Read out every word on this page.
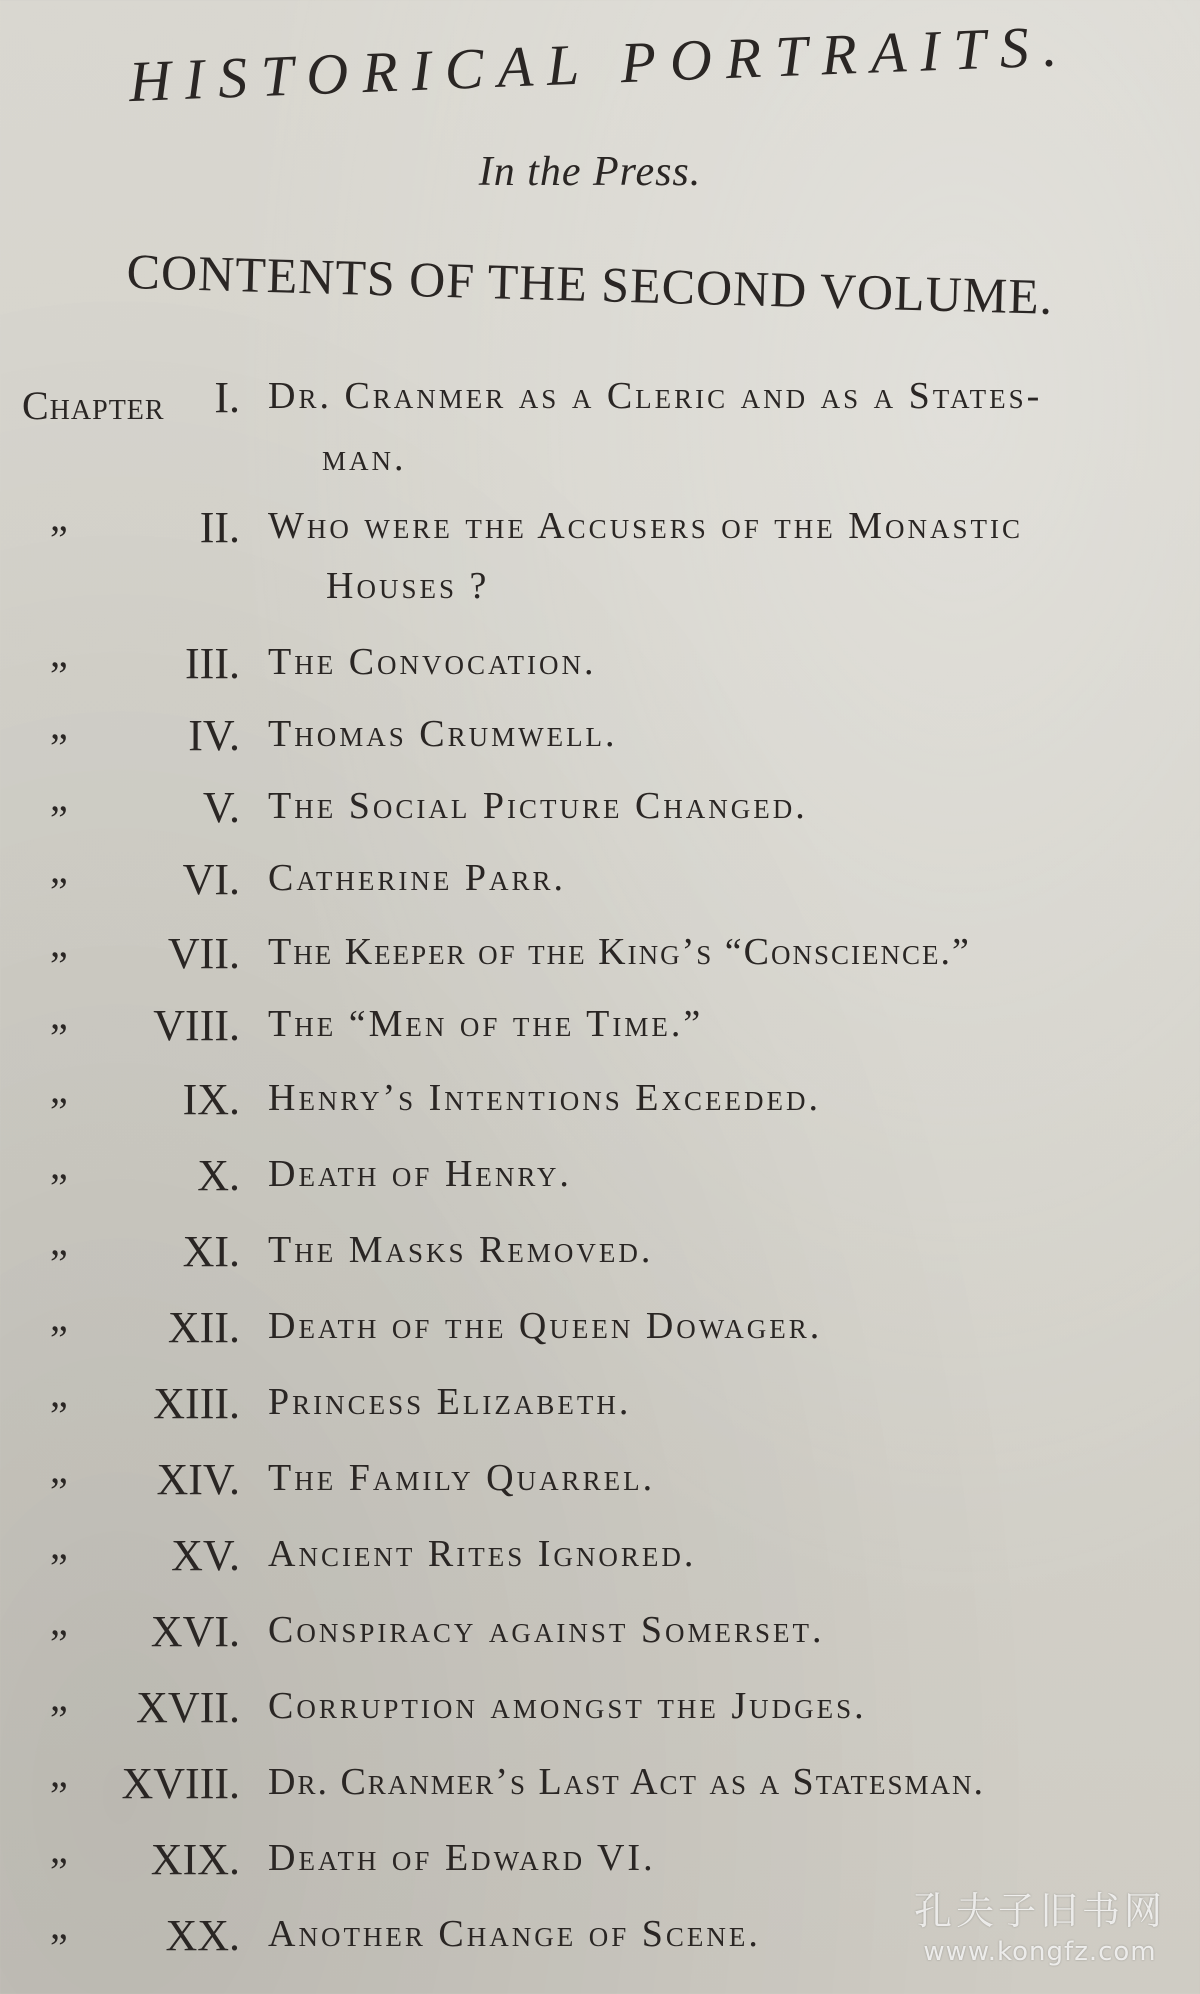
HISTORICAL PORTRAITS.
In the Press.
CONTENTS OF THE SECOND VOLUME.
Chapter I. Dr. Cranmer as a Cleric and as a States-
man.
”	II. Who were the Accusers of the Monastic
Houses ?
”	III. The Convocation.
”	IV. Thomas Crumwell.
”	V. The Social Picture Changed.
”	VI. Catherine Parr.
” VII. The Keeper of the King’s “Conscience.”
” VIII. The “Men of the Time.”
”	IX. Henry’s Intentions Exceeded.
”	X. Death of Henry.
”	XI. The Masks Removed.
” XII. Death of the Queen Dowager.
” XIII. Princess Elizabeth.
” XIV. The Family Quarrel.
” XV. Ancient Rites Ignored.
” XVI. Conspiracy against Somerset.
” XVII. Corruption amongst the Judges.
” XVIII. Dr. Cranmer’s Last Act as a Statesman.
” XIX. Death of Edward VI.
” XX. Another Change of Scene.
孔夫子旧书网
www.kongfz.com
